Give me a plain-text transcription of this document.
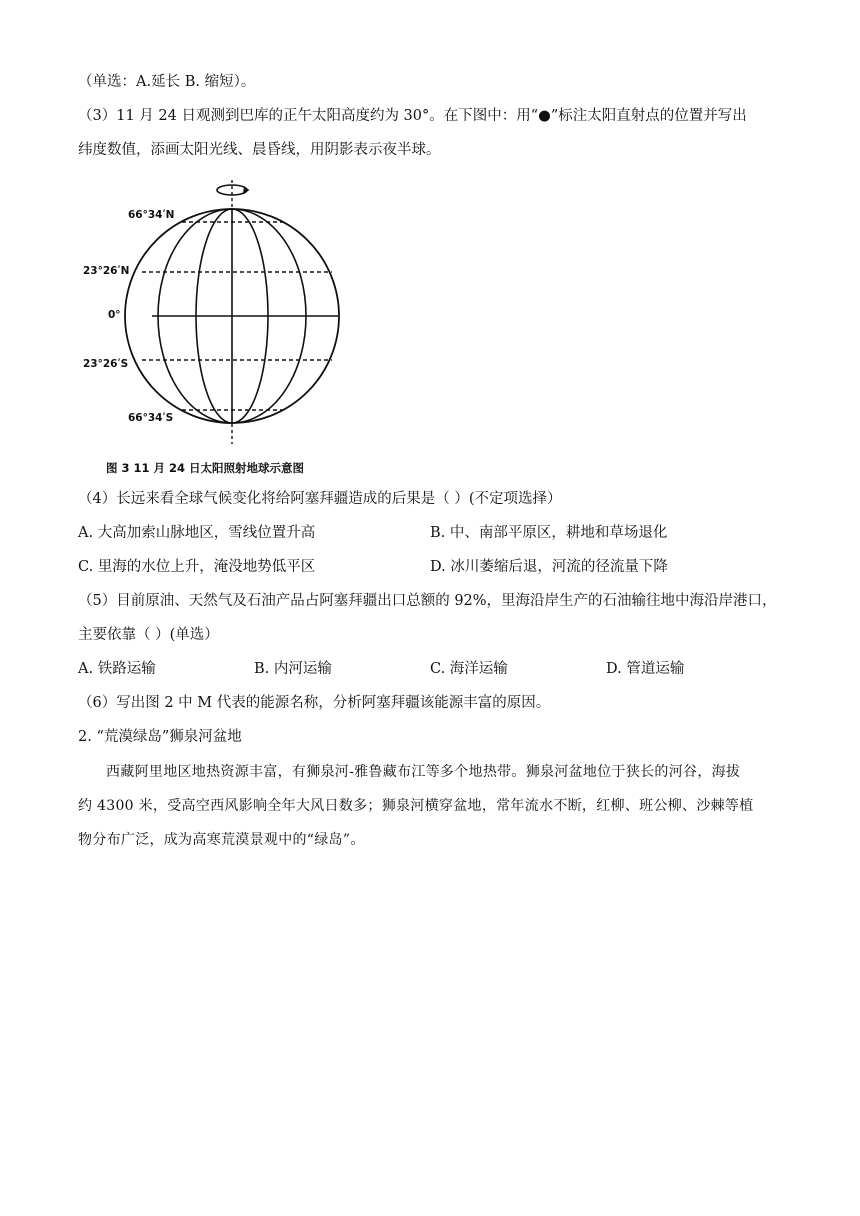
（单选：A.延长 B. 缩短）。
（3）11 月 24 日观测到巴库的正午太阳高度约为 30°。在下图中：用“●”标注太阳直射点的位置并写出
纬度数值，添画太阳光线、晨昏线，用阴影表示夜半球。
66°34ʹN
23°26ʹN
0°
23°26ʹS
66°34ʹS
图 3 11 月 24 日太阳照射地球示意图
（4）长远来看全球气候变化将给阿塞拜疆造成的后果是（ ）(不定项选择）
A. 大高加索山脉地区，雪线位置升高	B. 中、南部平原区，耕地和草场退化
C. 里海的水位上升，淹没地势低平区	D. 冰川萎缩后退，河流的径流量下降
（5）目前原油、天然气及石油产品占阿塞拜疆出口总额的 92%，里海沿岸生产的石油输往地中海沿岸港口，
主要依靠（ ）(单选）
A. 铁路运输	B. 内河运输	C. 海洋运输	D. 管道运输
（6）写出图 2 中 M 代表的能源名称，分析阿塞拜疆该能源丰富的原因。
2. “荒漠绿岛”狮泉河盆地
西藏阿里地区地热资源丰富，有狮泉河-雅鲁藏布江等多个地热带。狮泉河盆地位于狭长的河谷，海拔
约 4300 米，受高空西风影响全年大风日数多；狮泉河横穿盆地，常年流水不断，红柳、班公柳、沙棘等植
物分布广泛，成为高寒荒漠景观中的“绿岛”。
